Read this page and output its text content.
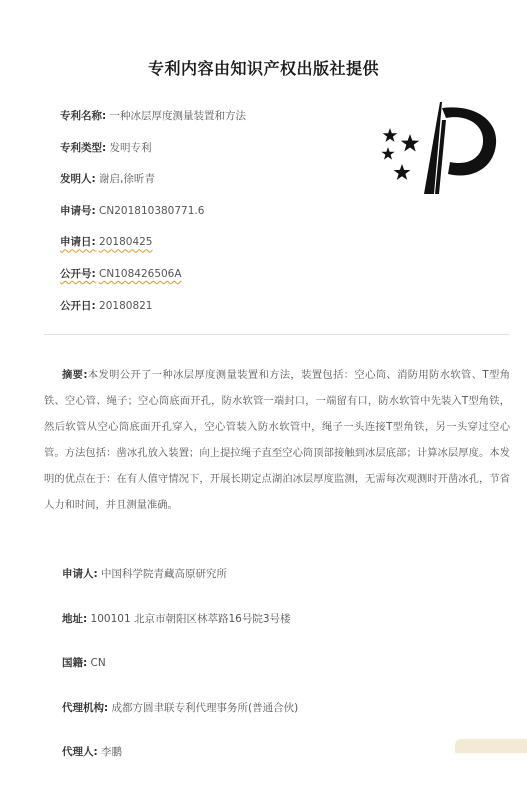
专利内容由知识产权出版社提供
专利名称: 一种冰层厚度测量装置和方法
专利类型: 发明专利
发明人: 谢启,徐昕青
申请号: CN201810380771.6
申请日: 20180425
公开号: CN108426506A
公开日: 20180821
摘要:本发明公开了一种冰层厚度测量装置和方法，装置包括：空心筒、消防用防水软管、T型角铁、空心管、绳子；空心筒底面开孔，防水软管一端封口，一端留有口，防水软管中先装入T型角铁，然后软管从空心筒底面开孔穿入，空心管装入防水软管中，绳子一头连接T型角铁，另一头穿过空心管。方法包括：凿冰孔放入装置；向上提拉绳子直至空心筒顶部接触到冰层底部；计算冰层厚度。本发明的优点在于：在有人值守情况下，开展长期定点湖泊冰层厚度监测，无需每次观测时开凿冰孔，节省人力和时间，并且测量准确。
申请人: 中国科学院青藏高原研究所
地址: 100101 北京市朝阳区林萃路16号院3号楼
国籍: CN
代理机构: 成都方圆聿联专利代理事务所(普通合伙)
代理人: 李鹏
